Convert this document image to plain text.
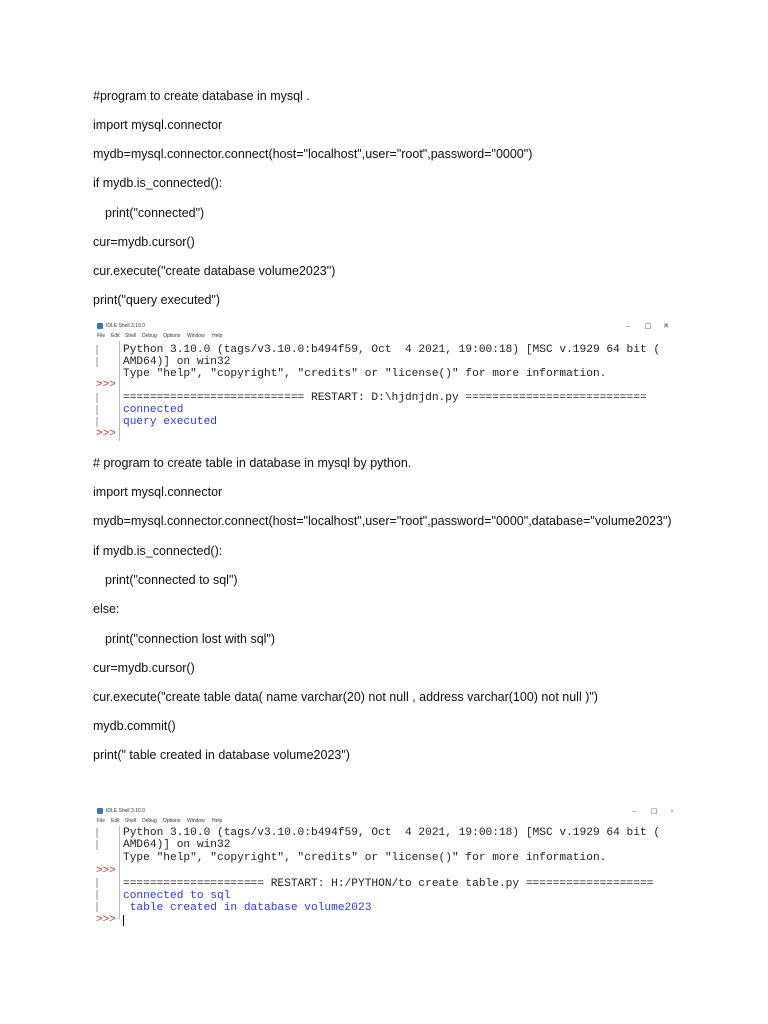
#program to create database in mysql .
import mysql.connector
mydb=mysql.connector.connect(host="localhost",user="root",password="0000")
if mydb.is_connected():
print("connected")
cur=mydb.cursor()
cur.execute("create database volume2023")
print("query executed")
IDLE Shell 3.10.0	–	□	✕
File Edit Shell Debug Options Window Help
>>>
>>>
Python 3.10.0 (tags/v3.10.0:b494f59, Oct  4 2021, 19:00:18) [MSC v.1929 64 bit (
AMD64)] on win32
Type "help", "copyright", "credits" or "license()" for more information.
=========================== RESTART: D:\hjdnjdn.py ===========================
connected
query executed
# program to create table in database in mysql by python.
import mysql.connector
mydb=mysql.connector.connect(host="localhost",user="root",password="0000",database="volume2023")
if mydb.is_connected():
print("connected to sql")
else:
print("connection lost with sql")
cur=mydb.cursor()
cur.execute("create table data( name varchar(20) not null , address varchar(100) not null )")
mydb.commit()
print(" table created in database volume2023")
IDLE Shell 3.10.0	–	□	›
File Edit Shell Debug Options Window Help
>>>
>>>
Python 3.10.0 (tags/v3.10.0:b494f59, Oct  4 2021, 19:00:18) [MSC v.1929 64 bit (
AMD64)] on win32
Type "help", "copyright", "credits" or "license()" for more information.
===================== RESTART: H:/PYTHON/to create table.py ===================
connected to sql
table created in database volume2023
